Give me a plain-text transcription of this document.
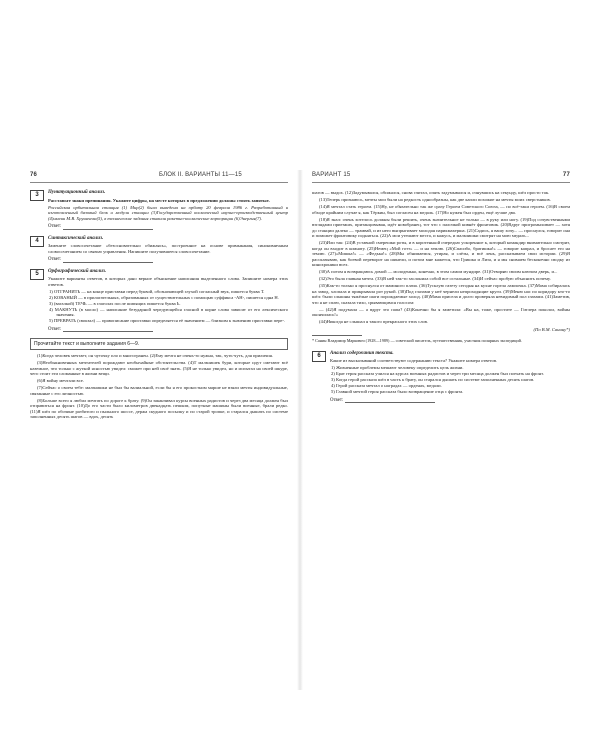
76	БЛОК II. ВАРИАНТЫ 11—15	ВАРИАНТ 15	77
3	Пунктуационный анализ.

Расставьте знаки препинания. Укажите цифры, на месте которых в предложении должны стоять запятые.

Российская орбитальная станция (1) Мир(2) была выведена на орбиту 20 февраля 1986 г. Разработанный и изготовленный базовый блок и модули станции (3)Государственный космический научно-производственный центр (4)имени М.В. Хруничева(5), в технические задания ставили ракетно-космические корпорации (6)Энергия(7).

Ответ:
4	Синтаксический анализ.

Замените словосочетание «безосновательно обижаясь», построенное на основе примыкания, синонимичным словосочетанием со связью управления. Напишите получившееся словосочетание.

Ответ:
5	Орфографический анализ.

Укажите варианты ответов, в которых дано верное объяснение написания выделенного слова. Запишите номера этих ответов.

1) ОТГРАНИТЬ — на конце приставки перед буквой, обозначающей глухой согласный звук, пишется буква Т.

2) КОВАНЫЙ — в прилагательных, образованных от существительных с помощью суффикса -АН-, пишется одна Н.

3) (вагалкой) ТЕЧЬ — в глаголах после шипящих пишется буква Ь.

4) МАКНУТЬ (в масло) — написание безударной чередующейся гласной в корне слова зависит от его лексического значения.

5) ПРЕВРАТЬ (свокзал) — правописание приставки определяется её значением — близким к значению приставки пере-.

Ответ:
Прочитайте текст и выполните задания 6—9.

(1)Когда человек мечтает, он чуточку пло и многогранен. (2)Ему мечта не очень-то нужна, так, чуть-чуть, для приличия.

(3)Необыкновенных мечтателей порождают необычайные обстоятельства. (4)Т мальчишек бури, которые идут сметают всё наземное, что только с жуткой ясностью увидел: сможет при ней своё знать. (5)Я не только увидел, но и испытал на своей шкуре, чего стоит эти сломанные в жизни вещи.

(6)Я войну мечтали все.

(7)Сейчас о своем тебе: мальчишки не был бы валиальной, если бы я его прокостном марше не взяли мечты индивидуальные, связанные с его личностью.

(8)Больше всего я любил мечтать по дороге к брату. (9)Он заканчивал курсы военных радистов и через два месяца должен был отправиться на фронт. (10)До его части было километров двенадцать пешком, попутные машины были военные, брали редко. (11)Я шёл по обочине разбитого и пыльного шоссе, держа скудного посылку и по старой тропке, и старался дышать по системе заполненных десять шагов — вдох, десять

шагов — выдох. (12)Задумывался, обижался, снова считал, опять задумывался и, очнувшись на секунду, шёл просто так.

(13)Теперь признаюсь, мечты мои были на редкость однообразны, как две капли похожие на мечты моих сверстников.

(14)Я мечтал стать героем. (15)Ну, не обязательно так же сразу Героем Советского Союза, — по всё-таки героем. (16)В своем обходе крайним случае я, как Тёркин, был согласен на медаль. (17)Но нужен был орден, ещё лучше два.

(18)Я знал: очень хотелось должны были решить, очень значительное не только — в руку или ногу. (19)Под сочувственными взглядами приезжих, пританцовывая, идёт новобранец, тот что с палочкой кивнёт фронтовик. (20)Вдруг пригромыхивает — хотя до станции далеко — трамвай, и из него выпрыгивает молодая парикмахерша. (21)Садись, я вашу хочу... — проснулся, говорит она и поможет фронтовику подняться. (22)А мои утешают места, и кажусь, и мальчишки смотрят на мою медаль...

(23)Или так: (24)В уставной смерешки роты, и в коротенькой очередью ускоренное к, который командир внимательно смотрит, когда он входит в комнату. (25)Немец «Мой готт» — и на землю. (26)Спасибо, братишка!» — говорит капрал, и бросает его на землю. (27)«Мишка!» — «Федька!» (28)Мы обнимаемся, утирая, и слёзы, и всё лень, рассказываем свои истории. (29)Я рассказываю, как боевой переворот на шинели, и потом мне кажется, что Гришка и Лиза, и я мы снимаем бесконечно сводку из кинохроники всех.

(30)А потом я возвращаюсь домой — молоденько, конечно, в этом самом мундире. (31)Отворяю своим ключом дверь, и...

(32)Это была главная мечта. (33)В ней так-то заслонила собой все остальные. (34)И сейчас пробую объяснить почему.

(35)Как-то только я проснулся от маминого плача. (36)Тусклую газету сегодня на кухне горела лампочка. (37)Мама собиралась на завод, хлопала и прикрывала рот рукой. (38)Под глазами у неё чернели непроходящие круги. (39)Меню нас по коридору кто-то шёл: были слышны тяжёлые шаги порождаемые холод. (40)Мама присела и долго проверяла невидимый пол глазами. (41)Заметив, что я не сплю, сказала тихо, срывающимся голосом:

— (42)Я подумала — а вдруг это папа? (43)Конечно бы я заметила: «Вы на, тоже, простите — Гитлера поколол, войны окончилась!»

(44)Никогда не слышал я такого прекрасного этих слов.

(По В.М. Санину*)
* Санин Владимир Маркович (1928—1989) — советский писатель, путешественник, участник полярных экспедиций.
6	Анализ содержания текста.

Какие из высказываний соответствуют содержанию текста? Укажите номера ответов.

1) Жизненные проблемы мешают человеку определить цель жизни.

2) Брат героя рассказа учился на курсах военных радистов и через три месяца должен был поехать на фронт.

3) Когда герой рассказа шёл в часть к брату, он старался дышать по системе заполненных десять шагов.

4) Герой рассказа мечтал о наградах — орденах, медали.

5) Главной мечтой героя рассказа было возвращение отца с фронта.

Ответ:
